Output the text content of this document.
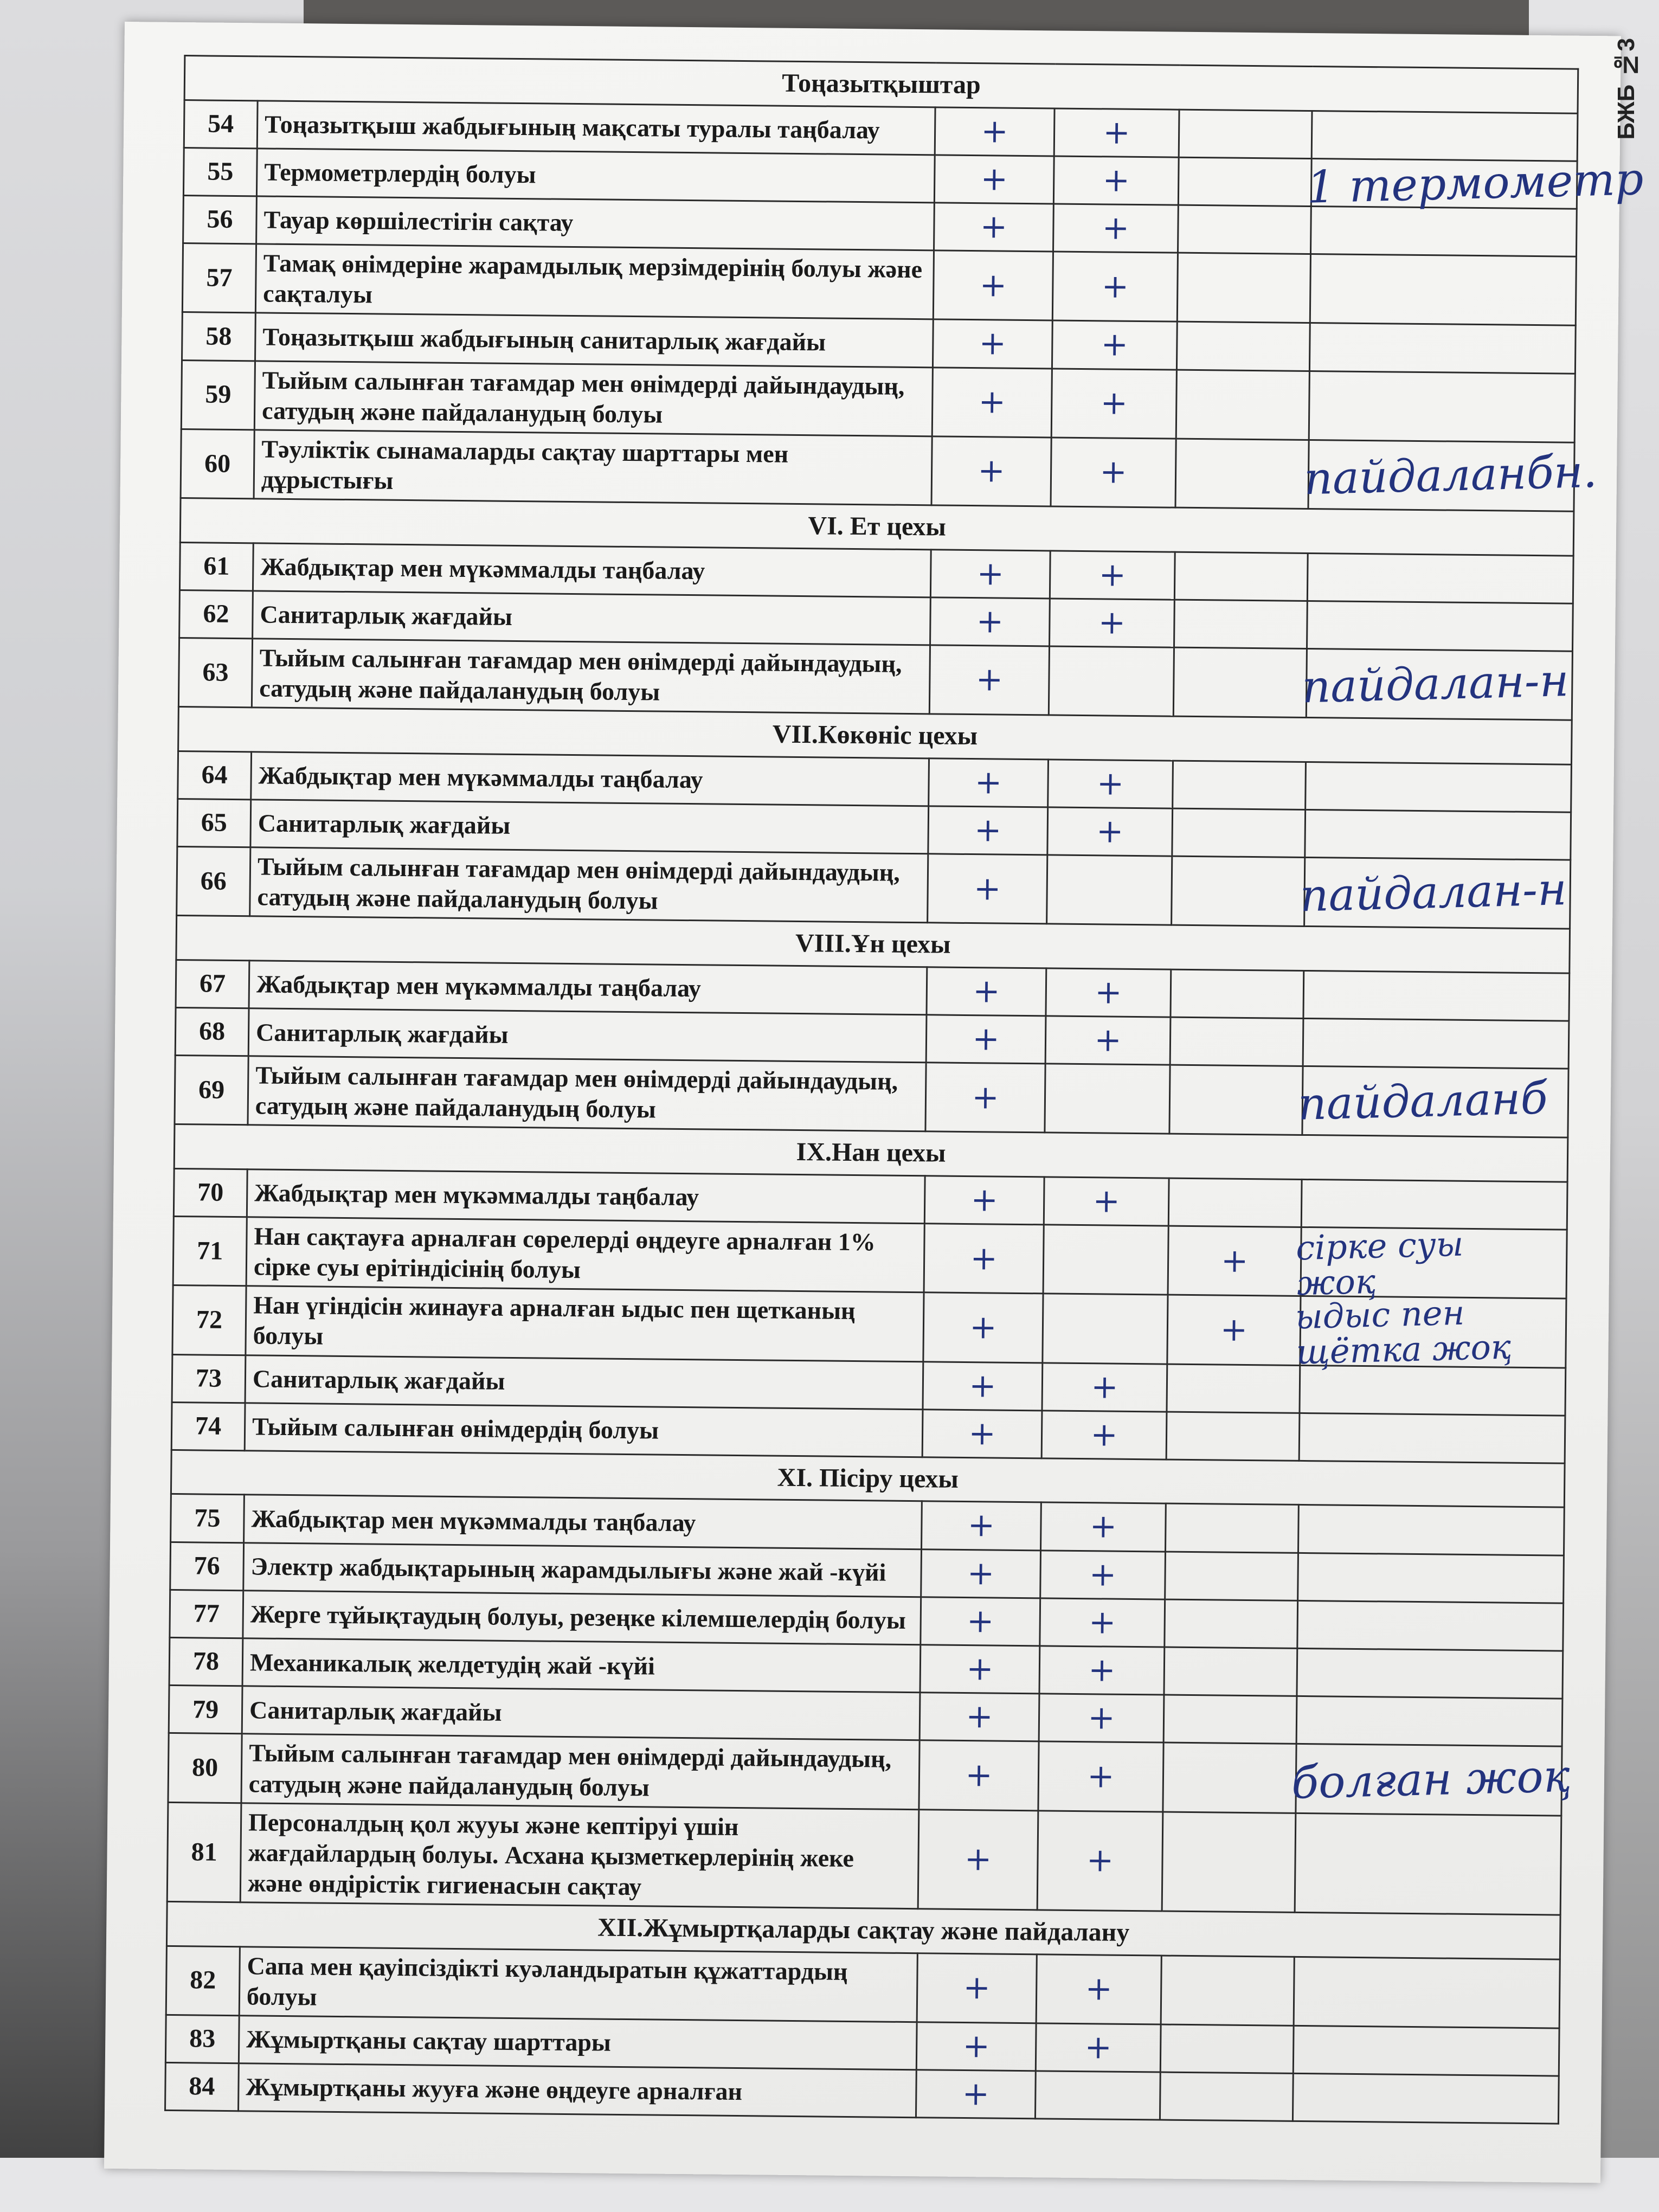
Тоңазытқыштар					
54	Тоңазытқыш жабдығының мақсаты туралы таңбалау	+	+		

55	Термометрлердің болуы	+	+		1 термометр

56	Тауар көршілестігін сақтау	+	+		

57	Тамақ өнімдеріне жарамдылық мерзімдерінің болуы және сақталуы	+	+		

58	Тоңазытқыш жабдығының санитарлық жағдайы	+	+		

59	Тыйым салынған тағамдар мен өнімдерді дайындаудың, сатудың және пайдаланудың болуы	+	+		

60	Тәуліктік сынамаларды сақтау шарттары мен дұрыстығы	+	+		пайдаланбн.

VI. Ет цехы					
61	Жабдықтар мен мүкәммалды таңбалау	+	+		

62	Санитарлық жағдайы	+	+		

63	Тыйым салынған тағамдар мен өнімдерді дайындаудың, сатудың және пайдаланудың болуы	+			пайдалан-н

VII.Көкөніс цехы					
64	Жабдықтар мен мүкәммалды таңбалау	+	+		

65	Санитарлық жағдайы	+	+		

66	Тыйым салынған тағамдар мен өнімдерді дайындаудың, сатудың және пайдаланудың болуы	+			пайдалан-н

VIII.Ұн цехы					
67	Жабдықтар мен мүкәммалды таңбалау	+	+		

68	Санитарлық жағдайы	+	+		

69	Тыйым салынған тағамдар мен өнімдерді дайындаудың, сатудың және пайдаланудың болуы	+			пайдаланб

IX.Нан цехы					
70	Жабдықтар мен мүкәммалды таңбалау	+	+		

71	Нан сақтауға арналған сөрелерді өңдеуге арналған 1% сірке суы ерітіндісінің болуы	+		+	сірке суы жоқ

72	Нан үгіндісін жинауға арналған ыдыс пен щетканың болуы	+		+	ыдыс пен щётка жоқ

73	Санитарлық жағдайы	+	+		

74	Тыйым салынған өнімдердің болуы	+	+		

XI. Пісіру цехы					
75	Жабдықтар мен мүкәммалды таңбалау	+	+		

76	Электр жабдықтарының жарамдылығы және жай -күйі	+	+		

77	Жерге тұйықтаудың болуы, резеңке кілемшелердің болуы	+	+		

78	Механикалық желдетудің жай -күйі	+	+		

79	Санитарлық жағдайы	+	+		

80	Тыйым салынған тағамдар мен өнімдерді дайындаудың, сатудың және пайдаланудың болуы	+	+		болған жоқ

81	Персоналдың қол жууы және кептіруі үшін жағдайлардың болуы. Асхана қызметкерлерінің жеке және өндірістік гигиенасын сақтау	+	+		

XII.Жұмыртқаларды сақтау және пайдалану					
82	Сапа мен қауіпсіздікті куәландыратын құжаттардың болуы	+	+		

83	Жұмыртқаны сақтау шарттары	+	+		

84	Жұмыртқаны жууға және өңдеуге арналған	+			
БЖБ №3
